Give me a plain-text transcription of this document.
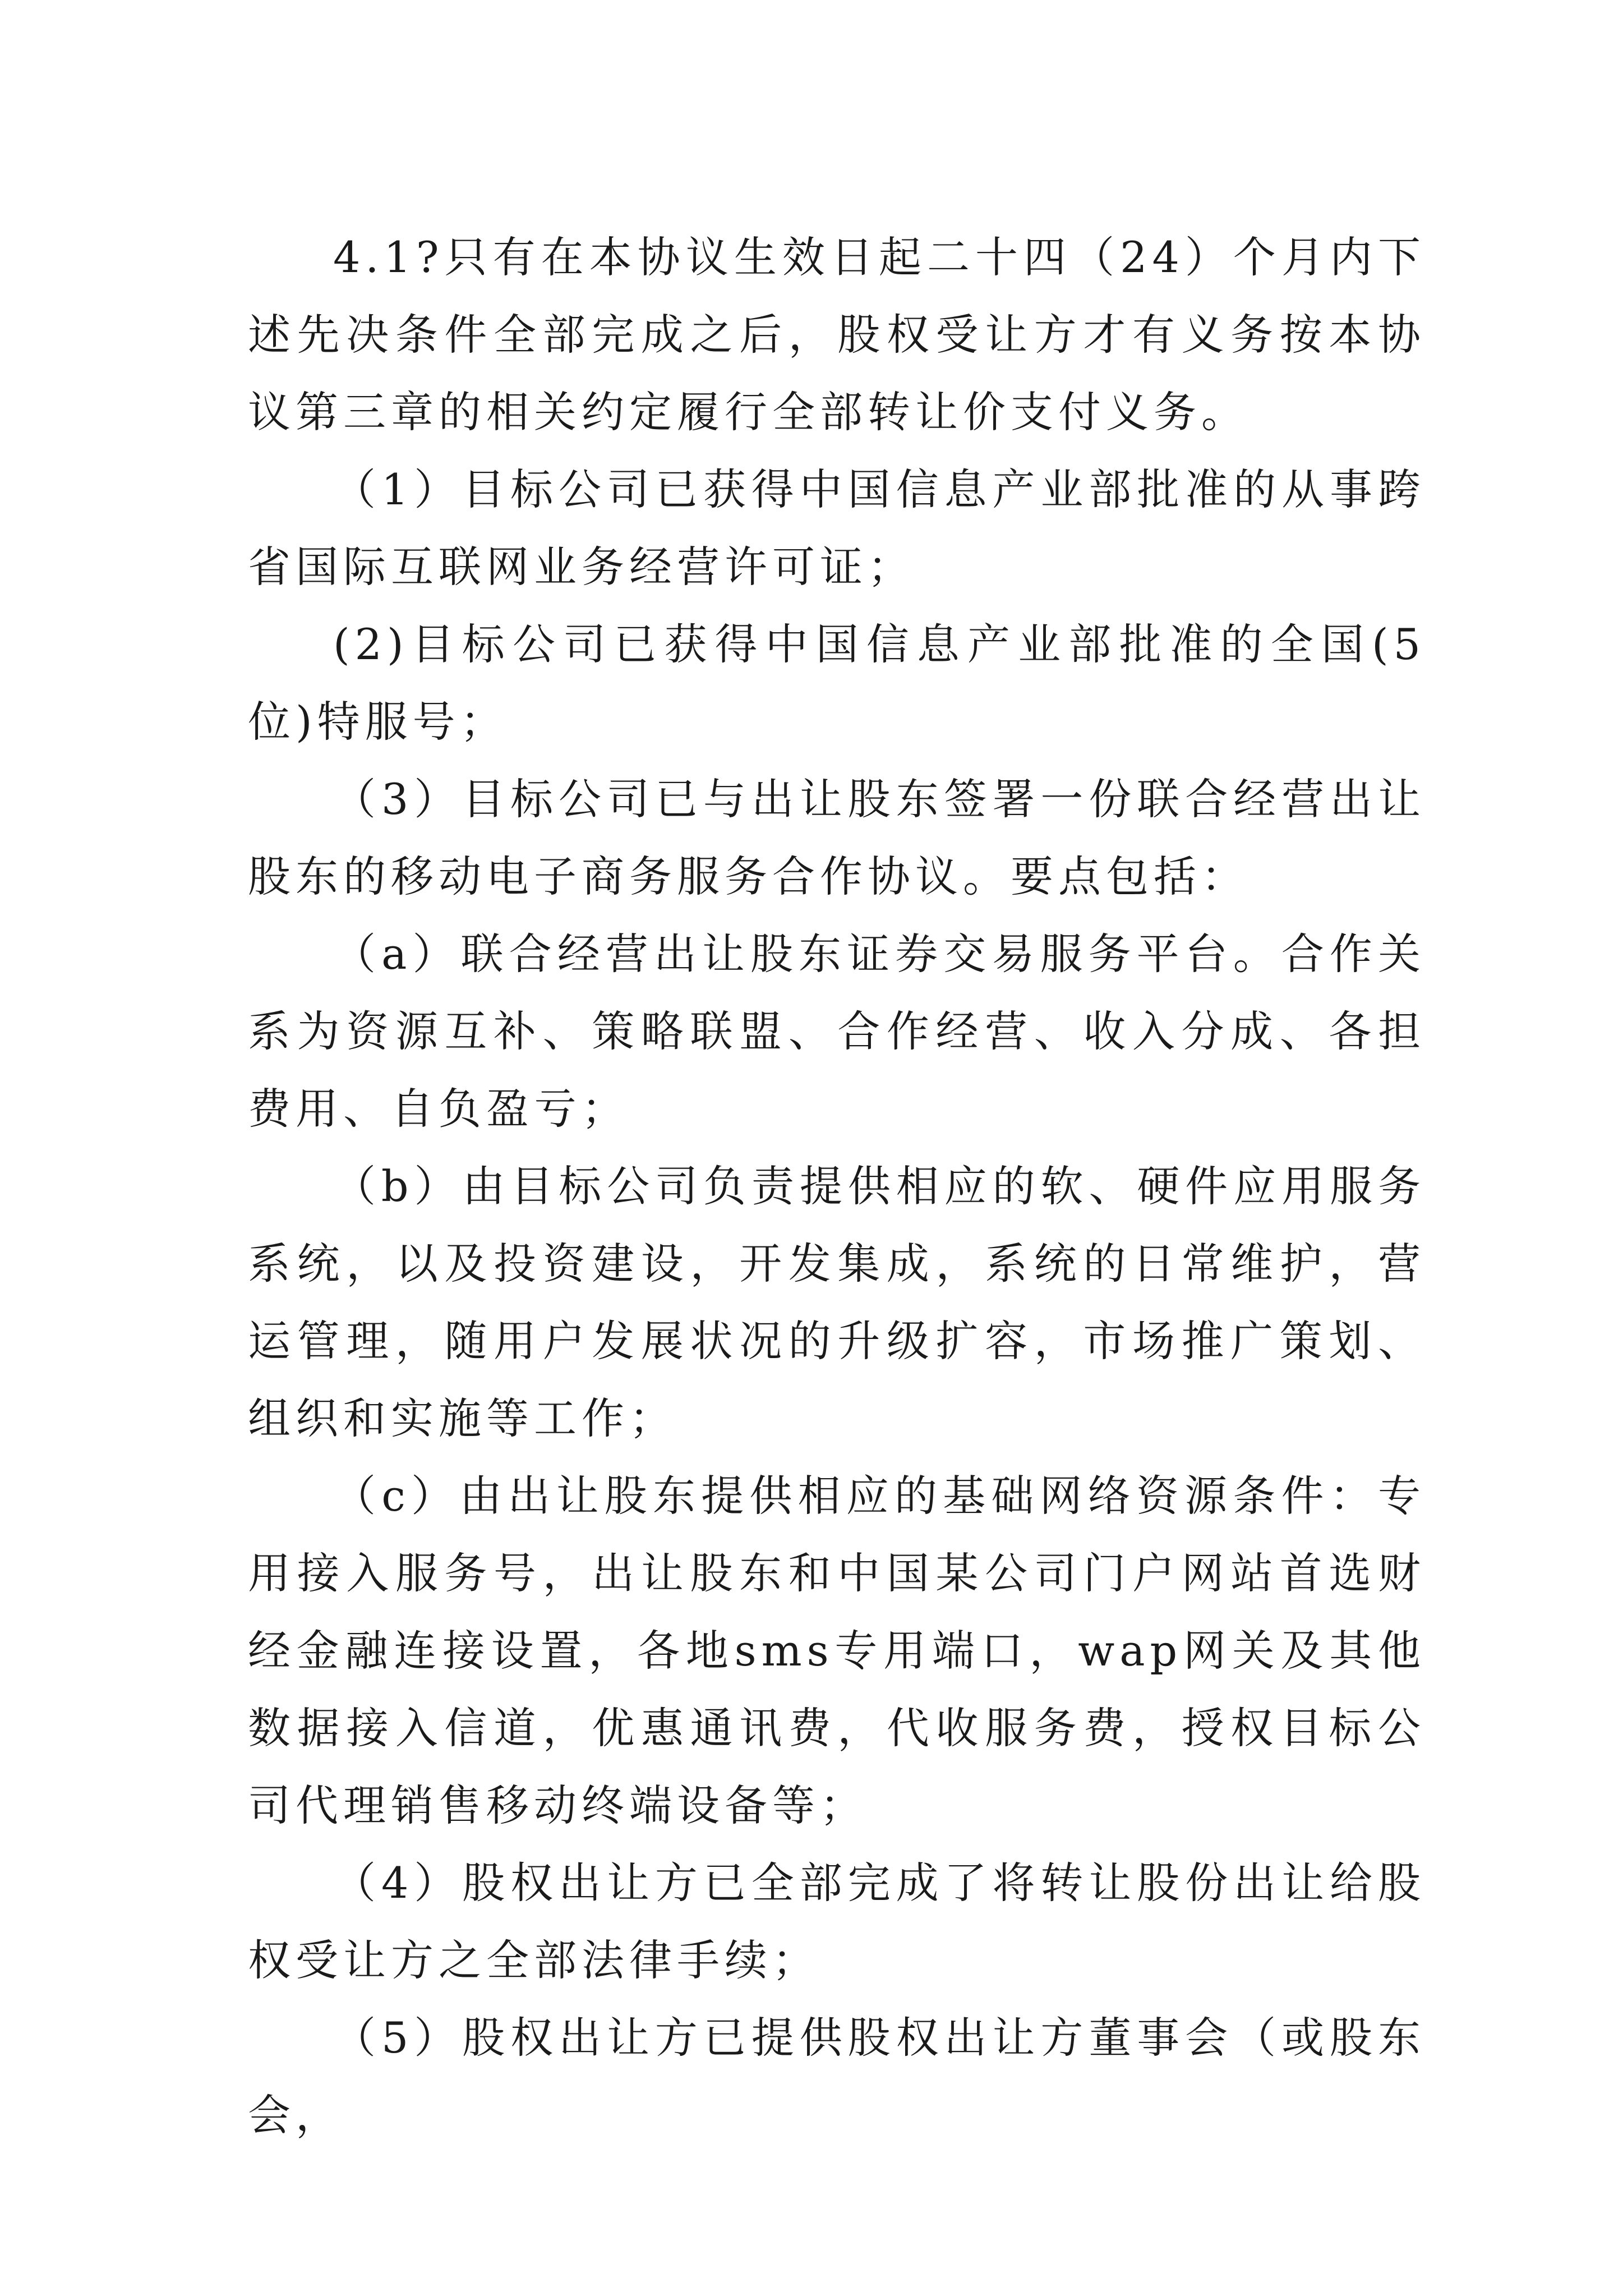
4.1?只有在本协议生效日起二十四（24）个月内下述先决条件全部完成之后，股权受让方才有义务按本协议第三章的相关约定履行全部转让价支付义务。

（1）目标公司已获得中国信息产业部批准的从事跨省国际互联网业务经营许可证；

(2)目标公司已获得中国信息产业部批准的全国(5位)特服号；

（3）目标公司已与出让股东签署一份联合经营出让股东的移动电子商务服务合作协议。要点包括：

（a）联合经营出让股东证券交易服务平台。合作关系为资源互补、策略联盟、合作经营、收入分成、各担费用、自负盈亏；

（b）由目标公司负责提供相应的软、硬件应用服务系统，以及投资建设，开发集成，系统的日常维护，营运管理，随用户发展状况的升级扩容，市场推广策划、组织和实施等工作；

（c）由出让股东提供相应的基础网络资源条件：专用接入服务号，出让股东和中国某公司门户网站首选财经金融连接设置，各地sms专用端口，wap网关及其他数据接入信道，优惠通讯费，代收服务费，授权目标公司代理销售移动终端设备等；

（4）股权出让方已全部完成了将转让股份出让给股权受让方之全部法律手续；

（5）股权出让方已提供股权出让方董事会（或股东会，
